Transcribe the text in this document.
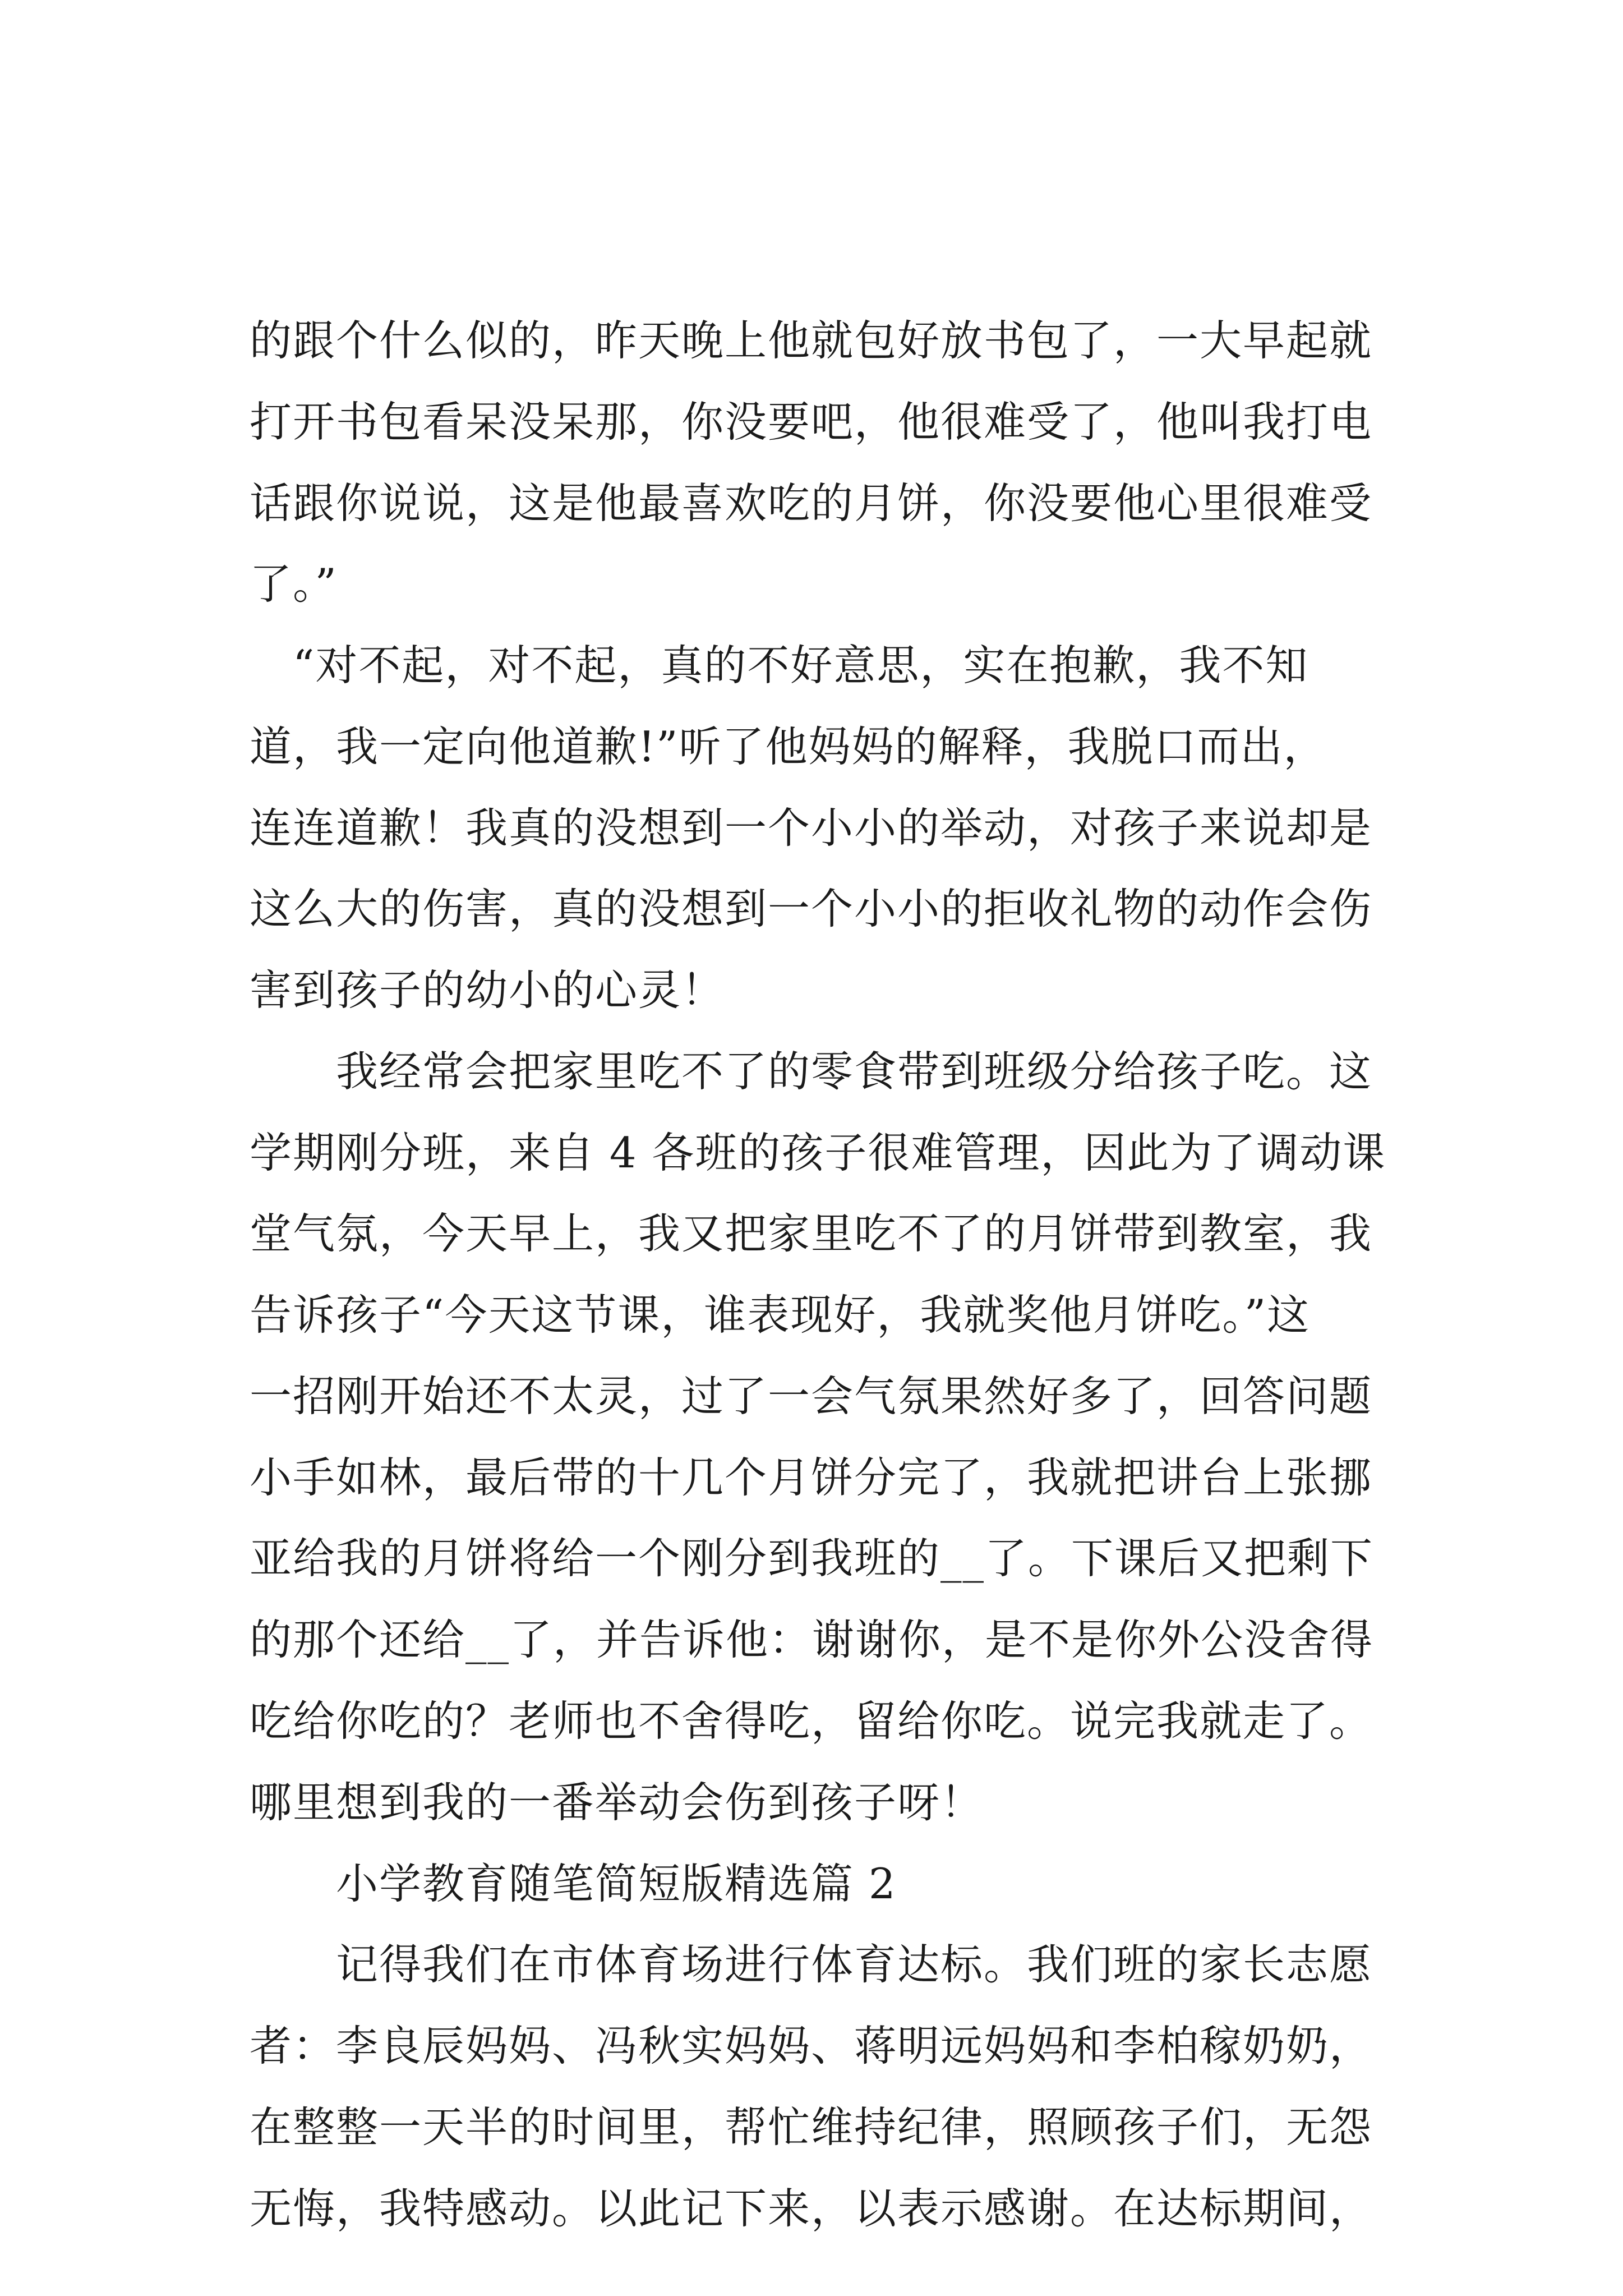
的跟个什么似的，昨天晚上他就包好放书包了，一大早起就
打开书包看呆没呆那，你没要吧，他很难受了，他叫我打电
话跟你说说，这是他最喜欢吃的月饼，你没要他心里很难受
了。”
　“对不起，对不起，真的不好意思，实在抱歉，我不知
道，我一定向他道歉!”听了他妈妈的解释，我脱口而出，
连连道歉！我真的没想到一个小小的举动，对孩子来说却是
这么大的伤害，真的没想到一个小小的拒收礼物的动作会伤
害到孩子的幼小的心灵！
　　我经常会把家里吃不了的零食带到班级分给孩子吃。这
学期刚分班，来自 4 各班的孩子很难管理，因此为了调动课
堂气氛，今天早上，我又把家里吃不了的月饼带到教室，我
告诉孩子“今天这节课，谁表现好，我就奖他月饼吃。”这
一招刚开始还不太灵，过了一会气氛果然好多了，回答问题
小手如林，最后带的十几个月饼分完了，我就把讲台上张挪
亚给我的月饼将给一个刚分到我班的__了。下课后又把剩下
的那个还给__了，并告诉他：谢谢你，是不是你外公没舍得
吃给你吃的？老师也不舍得吃，留给你吃。说完我就走了。
哪里想到我的一番举动会伤到孩子呀！
　　小学教育随笔简短版精选篇 2
　　记得我们在市体育场进行体育达标。我们班的家长志愿
者：李良辰妈妈、冯秋实妈妈、蒋明远妈妈和李柏稼奶奶，
在整整一天半的时间里，帮忙维持纪律，照顾孩子们，无怨
无悔，我特感动。以此记下来，以表示感谢。在达标期间，
